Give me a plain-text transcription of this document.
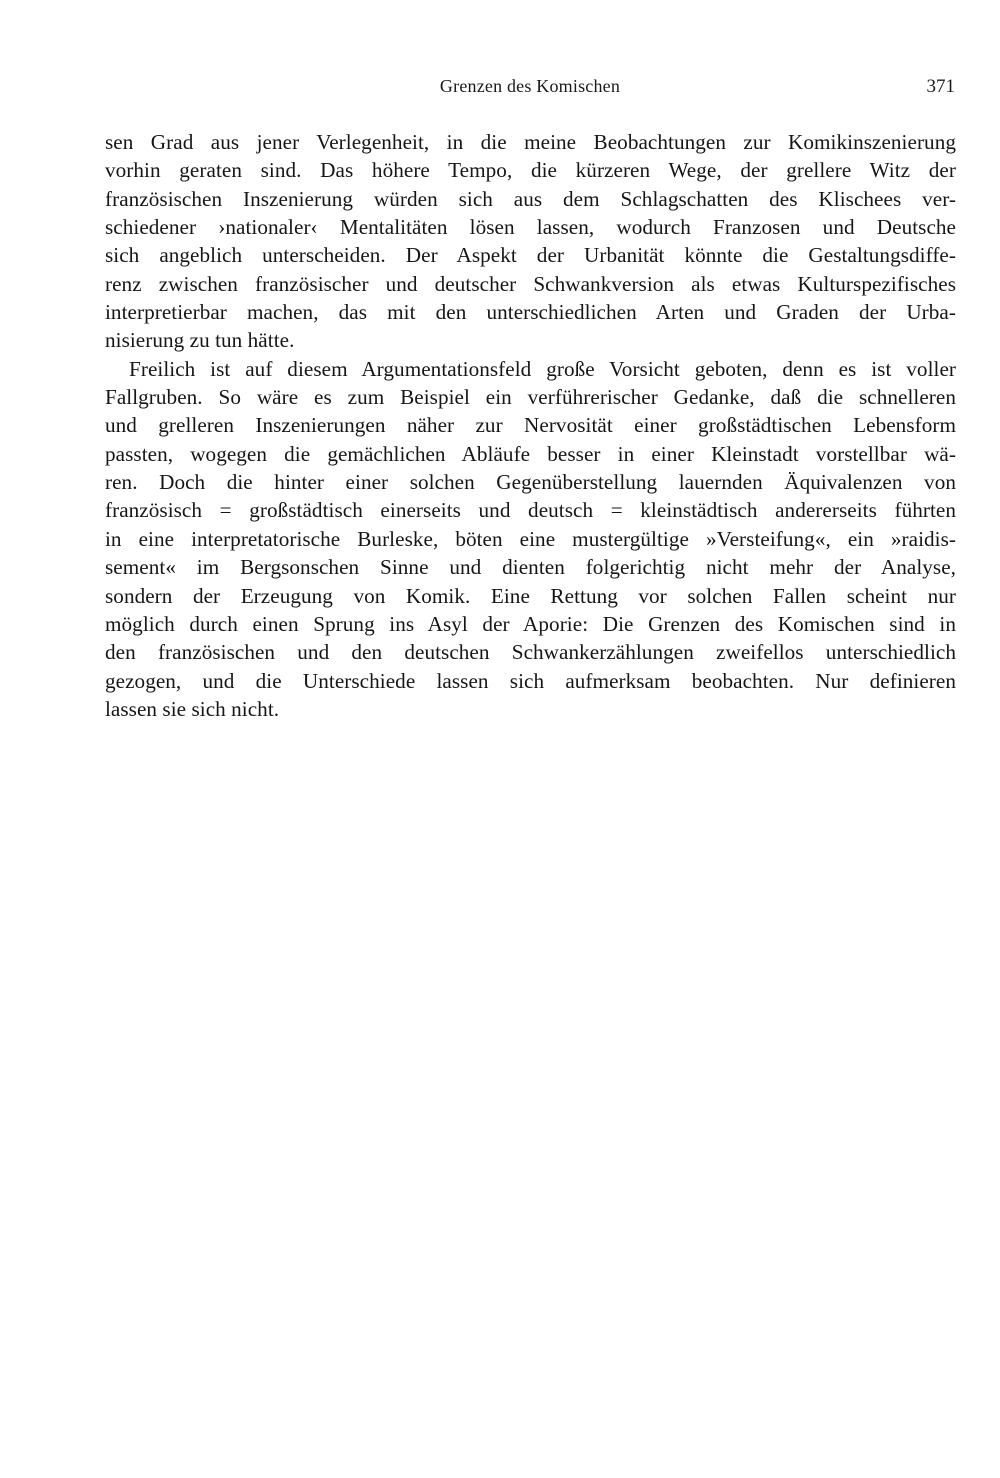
Grenzen des Komischen	371
sen Grad aus jener Verlegenheit, in die meine Beobachtungen zur Komikinszenierung
vorhin geraten sind. Das höhere Tempo, die kürzeren Wege, der grellere Witz der
französischen Inszenierung würden sich aus dem Schlagschatten des Klischees ver-
schiedener ›nationaler‹ Mentalitäten lösen lassen, wodurch Franzosen und Deutsche
sich angeblich unterscheiden. Der Aspekt der Urbanität könnte die Gestaltungsdiffe-
renz zwischen französischer und deutscher Schwankversion als etwas Kulturspezifisches
interpretierbar machen, das mit den unterschiedlichen Arten und Graden der Urba-
nisierung zu tun hätte.
Freilich ist auf diesem Argumentationsfeld große Vorsicht geboten, denn es ist voller
Fallgruben. So wäre es zum Beispiel ein verführerischer Gedanke, daß die schnelleren
und grelleren Inszenierungen näher zur Nervosität einer großstädtischen Lebensform
passten, wogegen die gemächlichen Abläufe besser in einer Kleinstadt vorstellbar wä-
ren. Doch die hinter einer solchen Gegenüberstellung lauernden Äquivalenzen von
französisch = großstädtisch einerseits und deutsch = kleinstädtisch andererseits führten
in eine interpretatorische Burleske, böten eine mustergültige »Versteifung«, ein »raidis-
sement« im Bergsonschen Sinne und dienten folgerichtig nicht mehr der Analyse,
sondern der Erzeugung von Komik. Eine Rettung vor solchen Fallen scheint nur
möglich durch einen Sprung ins Asyl der Aporie: Die Grenzen des Komischen sind in
den französischen und den deutschen Schwankerzählungen zweifellos unterschiedlich
gezogen, und die Unterschiede lassen sich aufmerksam beobachten. Nur definieren
lassen sie sich nicht.
